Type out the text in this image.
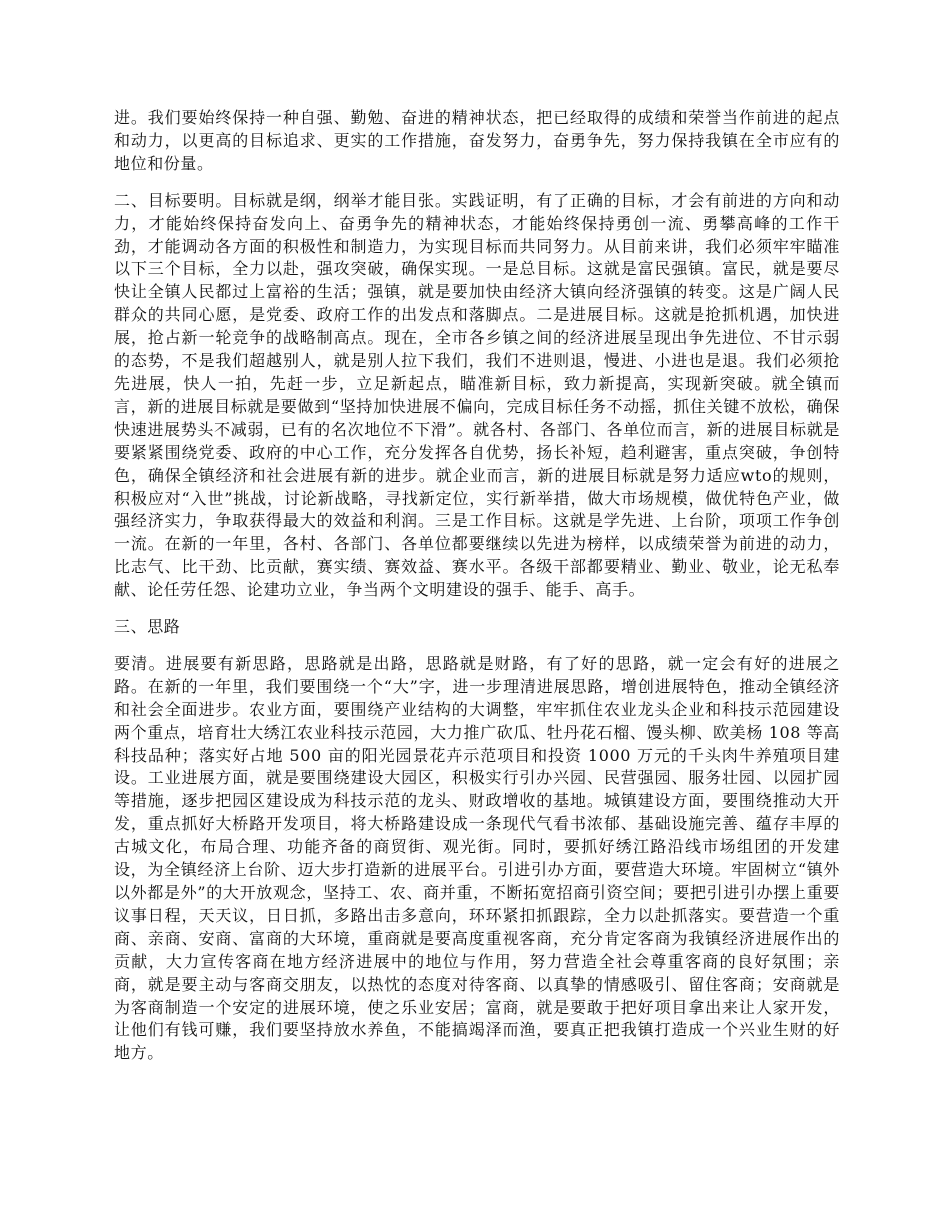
进。我们要始终保持一种自强、勤勉、奋进的精神状态，把已经取得的成绩和荣誉当作前进的起点和动力，以更高的目标追求、更实的工作措施，奋发努力，奋勇争先，努力保持我镇在全市应有的地位和份量。

二、目标要明。目标就是纲，纲举才能目张。实践证明，有了正确的目标，才会有前进的方向和动力，才能始终保持奋发向上、奋勇争先的精神状态，才能始终保持勇创一流、勇攀高峰的工作干劲，才能调动各方面的积极性和制造力，为实现目标而共同努力。从目前来讲，我们必须牢牢瞄准以下三个目标，全力以赴，强攻突破，确保实现。一是总目标。这就是富民强镇。富民，就是要尽快让全镇人民都过上富裕的生活；强镇，就是要加快由经济大镇向经济强镇的转变。这是广阔人民群众的共同心愿，是党委、政府工作的出发点和落脚点。二是进展目标。这就是抢抓机遇，加快进展，抢占新一轮竞争的战略制高点。现在，全市各乡镇之间的经济进展呈现出争先进位、不甘示弱的态势，不是我们超越别人，就是别人拉下我们，我们不进则退，慢进、小进也是退。我们必须抢先进展，快人一拍，先赶一步，立足新起点，瞄准新目标，致力新提高，实现新突破。就全镇而言，新的进展目标就是要做到“坚持加快进展不偏向，完成目标任务不动摇，抓住关键不放松，确保快速进展势头不减弱，已有的名次地位不下滑”。就各村、各部门、各单位而言，新的进展目标就是要紧紧围绕党委、政府的中心工作，充分发挥各自优势，扬长补短，趋利避害，重点突破，争创特色，确保全镇经济和社会进展有新的进步。就企业而言，新的进展目标就是努力适应wto的规则，积极应对“入世”挑战，讨论新战略，寻找新定位，实行新举措，做大市场规模，做优特色产业，做强经济实力，争取获得最大的效益和利润。三是工作目标。这就是学先进、上台阶，项项工作争创一流。在新的一年里，各村、各部门、各单位都要继续以先进为榜样，以成绩荣誉为前进的动力，比志气、比干劲、比贡献，赛实绩、赛效益、赛水平。各级干部都要精业、勤业、敬业，论无私奉献、论任劳任怨、论建功立业，争当两个文明建设的强手、能手、高手。

三、思路

要清。进展要有新思路，思路就是出路，思路就是财路，有了好的思路，就一定会有好的进展之路。在新的一年里，我们要围绕一个“大”字，进一步理清进展思路，增创进展特色，推动全镇经济和社会全面进步。农业方面，要围绕产业结构的大调整，牢牢抓住农业龙头企业和科技示范园建设两个重点，培育壮大绣江农业科技示范园，大力推广砍瓜、牡丹花石榴、馒头柳、欧美杨 108 等高科技品种；落实好占地 500 亩的阳光园景花卉示范项目和投资 1000 万元的千头肉牛养殖项目建设。工业进展方面，就是要围绕建设大园区，积极实行引办兴园、民营强园、服务壮园、以园扩园等措施，逐步把园区建设成为科技示范的龙头、财政增收的基地。城镇建设方面，要围绕推动大开发，重点抓好大桥路开发项目，将大桥路建设成一条现代气看书浓郁、基础设施完善、蕴存丰厚的古城文化，布局合理、功能齐备的商贸街、观光街。同时，要抓好绣江路沿线市场组团的开发建设，为全镇经济上台阶、迈大步打造新的进展平台。引进引办方面，要营造大环境。牢固树立“镇外以外都是外”的大开放观念，坚持工、农、商并重，不断拓宽招商引资空间；要把引进引办摆上重要议事日程，天天议，日日抓，多路出击多意向，环环紧扣抓跟踪，全力以赴抓落实。要营造一个重商、亲商、安商、富商的大环境，重商就是要高度重视客商，充分肯定客商为我镇经济进展作出的贡献，大力宣传客商在地方经济进展中的地位与作用，努力营造全社会尊重客商的良好氛围；亲商，就是要主动与客商交朋友，以热忱的态度对待客商、以真挚的情感吸引、留住客商；安商就是为客商制造一个安定的进展环境，使之乐业安居；富商，就是要敢于把好项目拿出来让人家开发，让他们有钱可赚，我们要坚持放水养鱼，不能搞竭泽而渔，要真正把我镇打造成一个兴业生财的好地方。
